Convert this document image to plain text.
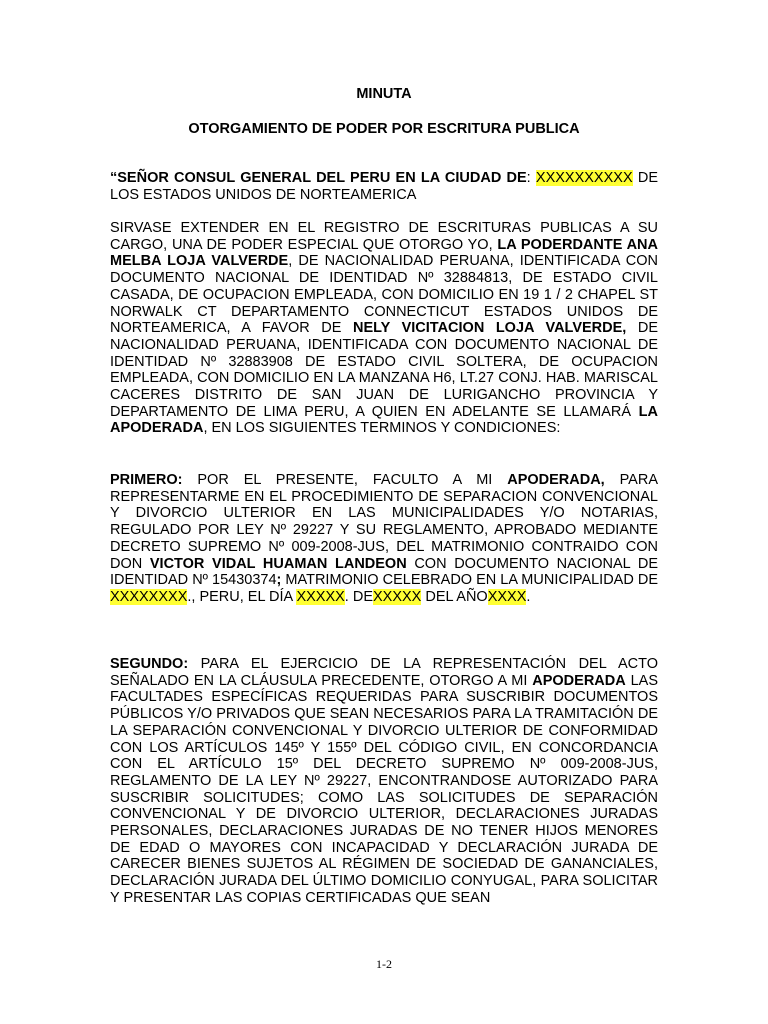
MINUTA
OTORGAMIENTO DE PODER POR ESCRITURA PUBLICA

“SEÑOR CONSUL GENERAL DEL PERU EN LA CIUDAD DE: XXXXXXXXXX DE LOS ESTADOS UNIDOS DE NORTEAMERICA

SIRVASE EXTENDER EN EL REGISTRO DE ESCRITURAS PUBLICAS A SU CARGO, UNA DE PODER ESPECIAL QUE OTORGO YO, LA PODERDANTE ANA MELBA LOJA VALVERDE, DE NACIONALIDAD PERUANA, IDENTIFICADA CON DOCUMENTO NACIONAL DE IDENTIDAD Nº 32884813, DE ESTADO CIVIL CASADA, DE OCUPACION EMPLEADA, CON DOMICILIO EN 19 1 / 2 CHAPEL ST NORWALK CT DEPARTAMENTO CONNECTICUT ESTADOS UNIDOS DE NORTEAMERICA, A FAVOR DE NELY VICITACION LOJA VALVERDE, DE NACIONALIDAD PERUANA, IDENTIFICADA CON DOCUMENTO NACIONAL DE IDENTIDAD Nº 32883908 DE ESTADO CIVIL SOLTERA, DE OCUPACION EMPLEADA, CON DOMICILIO EN LA MANZANA H6, LT.27 CONJ. HAB. MARISCAL CACERES DISTRITO DE SAN JUAN DE LURIGANCHO PROVINCIA Y DEPARTAMENTO DE LIMA PERU, A QUIEN EN ADELANTE SE LLAMARÁ LA APODERADA, EN LOS SIGUIENTES TERMINOS Y CONDICIONES:

PRIMERO: POR EL PRESENTE, FACULTO A MI APODERADA, PARA REPRESENTARME EN EL PROCEDIMIENTO DE SEPARACION CONVENCIONAL Y DIVORCIO ULTERIOR EN LAS MUNICIPALIDADES Y/O NOTARIAS, REGULADO POR LEY Nº 29227 Y SU REGLAMENTO, APROBADO MEDIANTE DECRETO SUPREMO Nº 009-2008-JUS, DEL MATRIMONIO CONTRAIDO CON DON VICTOR VIDAL HUAMAN LANDEON CON DOCUMENTO NACIONAL DE IDENTIDAD Nº 15430374; MATRIMONIO CELEBRADO EN LA MUNICIPALIDAD DE XXXXXXXX., PERU, EL DÍA XXXXX. DEXXXXX DEL AÑOXXXX.

SEGUNDO: PARA EL EJERCICIO DE LA REPRESENTACIÓN DEL ACTO SEÑALADO EN LA CLÁUSULA PRECEDENTE, OTORGO A MI APODERADA LAS FACULTADES ESPECÍFICAS REQUERIDAS PARA SUSCRIBIR DOCUMENTOS PÚBLICOS Y/O PRIVADOS QUE SEAN NECESARIOS PARA LA TRAMITACIÓN DE LA SEPARACIÓN CONVENCIONAL Y DIVORCIO ULTERIOR DE CONFORMIDAD CON LOS ARTÍCULOS 145º Y 155º DEL CÓDIGO CIVIL, EN CONCORDANCIA CON EL ARTÍCULO 15º DEL DECRETO SUPREMO Nº 009-2008-JUS, REGLAMENTO DE LA LEY Nº 29227, ENCONTRANDOSE AUTORIZADO PARA SUSCRIBIR SOLICITUDES; COMO LAS SOLICITUDES DE SEPARACIÓN CONVENCIONAL Y DE DIVORCIO ULTERIOR, DECLARACIONES JURADAS PERSONALES, DECLARACIONES JURADAS DE NO TENER HIJOS MENORES DE EDAD O MAYORES CON INCAPACIDAD Y DECLARACIÓN JURADA DE CARECER BIENES SUJETOS AL RÉGIMEN DE SOCIEDAD DE GANANCIALES, DECLARACIÓN JURADA DEL ÚLTIMO DOMICILIO CONYUGAL, PARA SOLICITAR Y PRESENTAR LAS COPIAS CERTIFICADAS QUE SEAN

1-2
